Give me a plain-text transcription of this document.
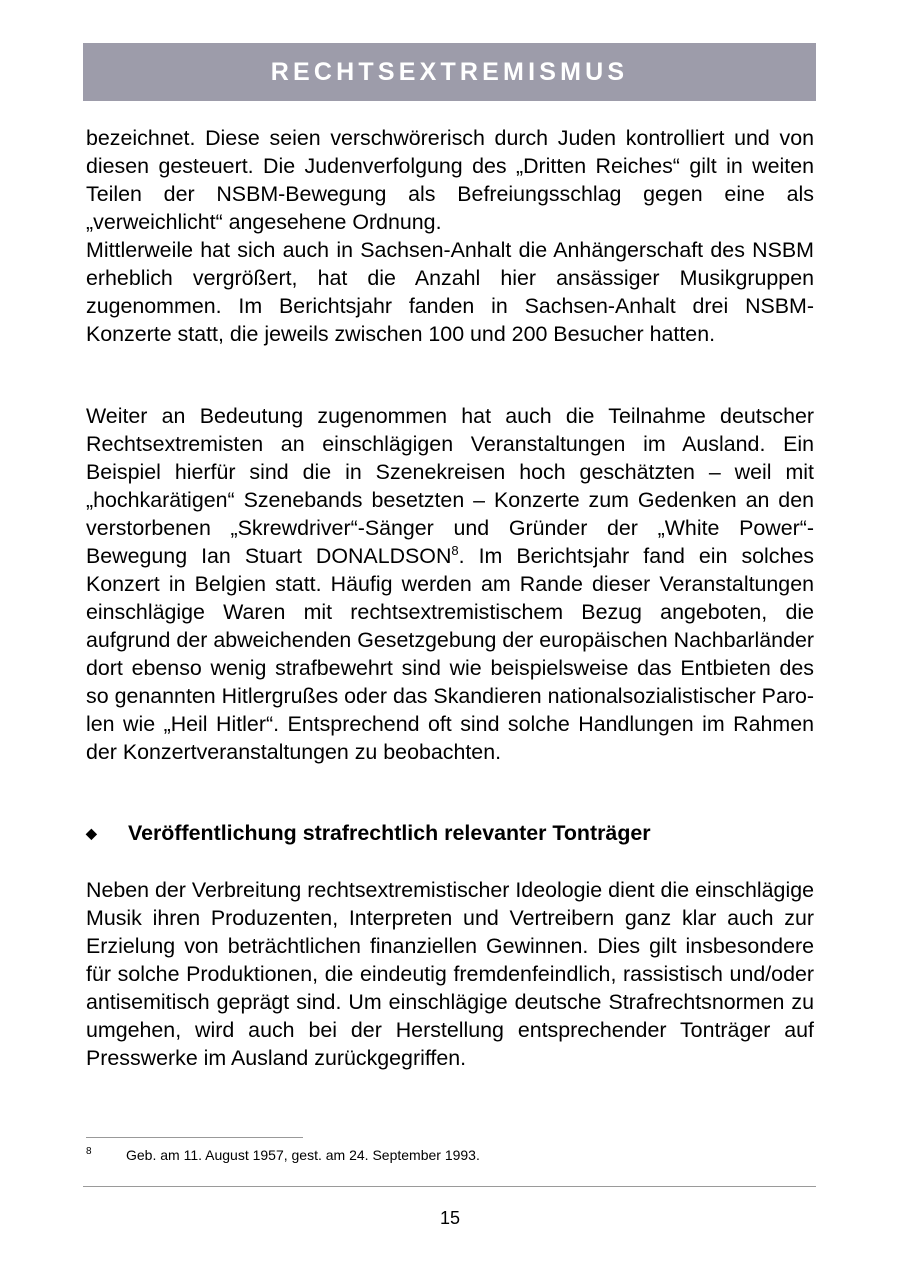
RECHTSEXTREMISMUS

bezeichnet. Diese seien verschwörerisch durch Juden kontrolliert und von diesen gesteuert. Die Judenverfolgung des „Dritten Reiches“ gilt in weiten Teilen der NSBM-Bewegung als Befreiungsschlag gegen eine als „verweichlicht“ angesehene Ordnung.
Mittlerweile hat sich auch in Sachsen-Anhalt die Anhängerschaft des NSBM erheblich vergrößert, hat die Anzahl hier ansässiger Musikgruppen zugenommen. Im Berichtsjahr fanden in Sachsen-Anhalt drei NSBM-Konzerte statt, die jeweils zwischen 100 und 200 Besucher hatten.

Weiter an Bedeutung zugenommen hat auch die Teilnahme deutscher Rechtsextremisten an einschlägigen Veranstaltungen im Ausland. Ein Beispiel hierfür sind die in Szenekreisen hoch geschätzten – weil mit „hochkarätigen“ Szenebands besetzten – Konzerte zum Gedenken an den verstorbenen „Skrewdriver“-Sänger und Gründer der „White Power“-Bewegung Ian Stuart DONALDSON$^8$. Im Berichtsjahr fand ein solches Konzert in Belgien statt. Häufig werden am Rande dieser Veranstaltungen einschlägige Waren mit rechtsextremistischem Bezug angeboten, die aufgrund der abweichenden Gesetzgebung der europäischen Nachbarländer dort ebenso wenig strafbewehrt sind wie beispielsweise das Entbieten des so genannten Hitlergrußes oder das Skandieren nationalsozialistischer Parolen wie „Heil Hitler“. Entsprechend oft sind solche Handlungen im Rahmen der Konzertveranstaltungen zu beobachten.

◆	Veröffentlichung strafrechtlich relevanter Tonträger

Neben der Verbreitung rechtsextremistischer Ideologie dient die einschlägige Musik ihren Produzenten, Interpreten und Vertreibern ganz klar auch zur Erzielung von beträchtlichen finanziellen Gewinnen. Dies gilt insbesondere für solche Produktionen, die eindeutig fremdenfeindlich, rassistisch und/oder antisemitisch geprägt sind. Um einschlägige deutsche Strafrechtsnormen zu umgehen, wird auch bei der Herstellung entsprechender Tonträger auf Presswerke im Ausland zurückgegriffen.

8 Geb. am 11. August 1957, gest. am 24. September 1993.
15
